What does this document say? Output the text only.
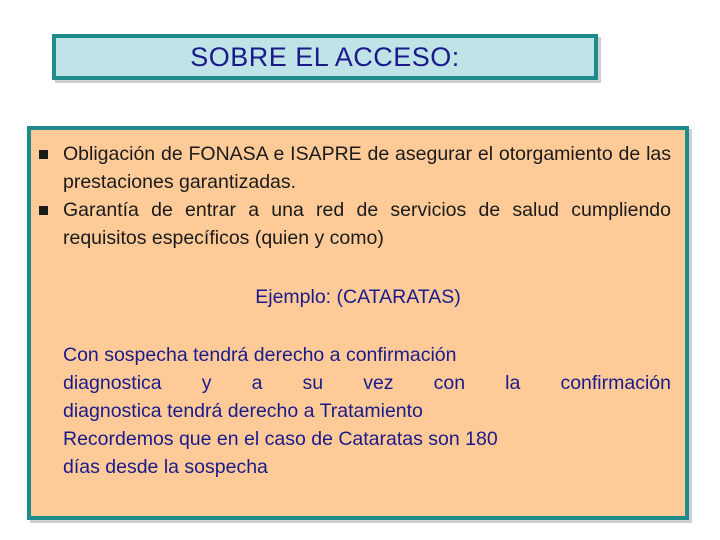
SOBRE EL ACCESO:
Obligación de FONASA e ISAPRE de asegurar el otorgamiento de las prestaciones garantizadas.
Garantía de entrar a una red de servicios de salud cumpliendo requisitos específicos (quien y como)
Ejemplo: (CATARATAS)
Con sospecha tendrá derecho a confirmación
diagnostica y a su vez con la confirmación
diagnostica tendrá derecho a Tratamiento
Recordemos que en el caso de Cataratas son 180
días desde la sospecha
